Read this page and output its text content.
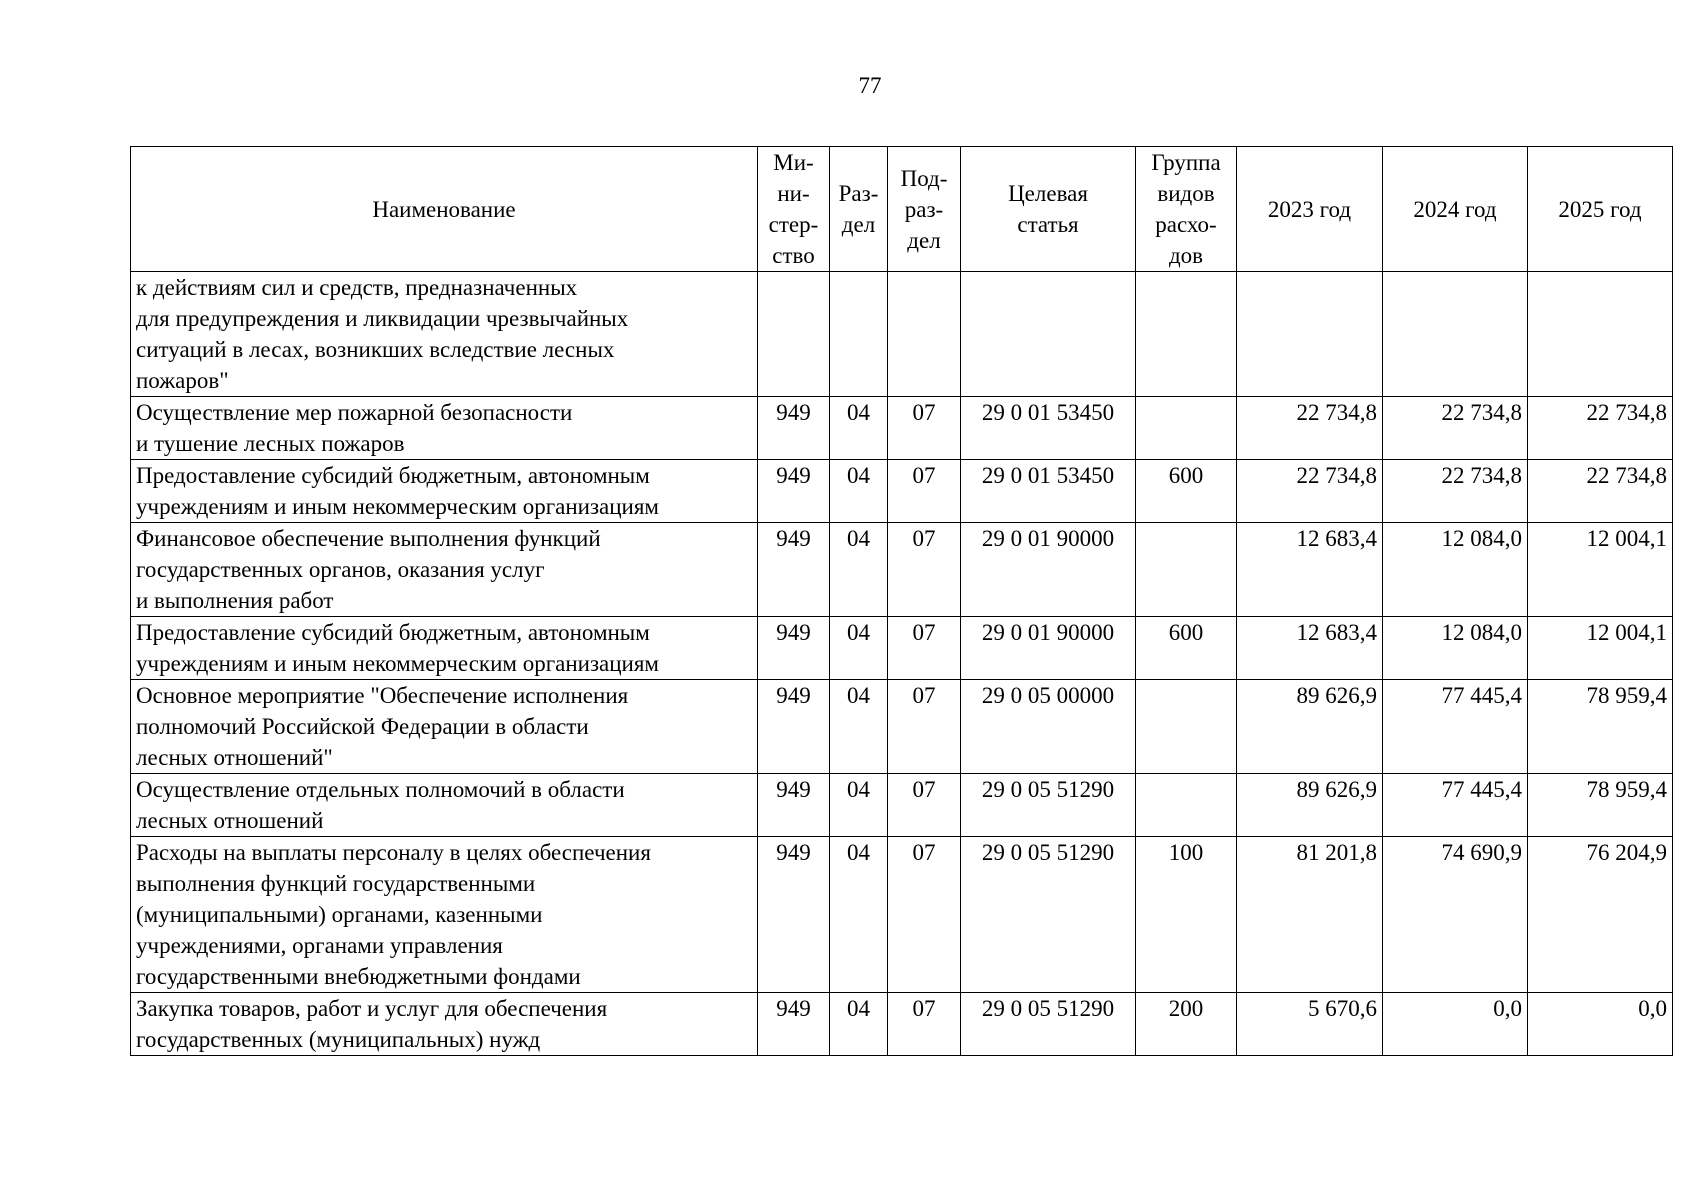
77
Наименование	Ми-
ни-
стер-
ство	Раз-
дел	Под-
раз-
дел	Целевая
статья	Группа
видов
расхо-
дов	2023 год	2024 год	2025 год

к действиям сил и средств, предназначенных
для предупреждения и ликвидации чрезвычайных
ситуаций в лесах, возникших вследствие лесных
пожаров"								

Осуществление мер пожарной безопасности
и тушение лесных пожаров	949	04	07	29 0 01 53450		22 734,8	22 734,8	22 734,8

Предоставление субсидий бюджетным, автономным
учреждениям и иным некоммерческим организациям	949	04	07	29 0 01 53450	600	22 734,8	22 734,8	22 734,8

Финансовое обеспечение выполнения функций
государственных органов, оказания услуг
и выполнения работ	949	04	07	29 0 01 90000		12 683,4	12 084,0	12 004,1

Предоставление субсидий бюджетным, автономным
учреждениям и иным некоммерческим организациям	949	04	07	29 0 01 90000	600	12 683,4	12 084,0	12 004,1

Основное мероприятие "Обеспечение исполнения
полномочий Российской Федерации в области
лесных отношений"	949	04	07	29 0 05 00000		89 626,9	77 445,4	78 959,4

Осуществление отдельных полномочий в области
лесных отношений	949	04	07	29 0 05 51290		89 626,9	77 445,4	78 959,4

Расходы на выплаты персоналу в целях обеспечения
выполнения функций государственными
(муниципальными) органами, казенными
учреждениями, органами управления
государственными внебюджетными фондами	949	04	07	29 0 05 51290	100	81 201,8	74 690,9	76 204,9

Закупка товаров, работ и услуг для обеспечения
государственных (муниципальных) нужд	949	04	07	29 0 05 51290	200	5 670,6	0,0	0,0
